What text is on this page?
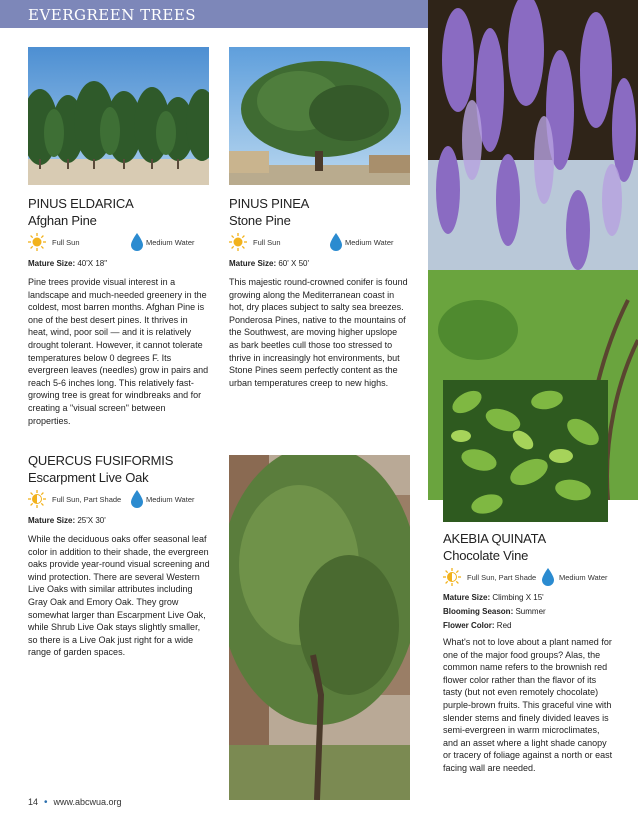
EVERGREEN TREES
PINUS ELDARICA
Afghan Pine
Full Sun	Medium Water
Mature Size: 40'X 18"
Pine trees provide visual interest in a landscape and much-needed greenery in the coldest, most barren months. Afghan Pine is one of the best desert pines. It thrives in heat, wind, poor soil — and it is relatively drought tolerant. However, it cannot tolerate temperatures below 0 degrees F. Its evergreen leaves (needles) grow in pairs and reach 5-6 inches long. This relatively fast-growing tree is great for windbreaks and for creating a "visual screen" between properties.
PINUS PINEA
Stone Pine
Full Sun	Medium Water
Mature Size: 60' X 50'
This majestic round-crowned conifer is found growing along the Mediterranean coast in hot, dry places subject to salty sea breezes. Ponderosa Pines, native to the mountains of the Southwest, are moving higher upslope as bark beetles cull those too stressed to thrive in increasingly hot environments, but Stone Pines seem perfectly content as the urban temperatures creep to new highs.
QUERCUS FUSIFORMIS
Escarpment Live Oak
Full Sun, Part Shade	Medium Water
Mature Size: 25'X 30'
While the deciduous oaks offer seasonal leaf color in addition to their shade, the evergreen oaks provide year-round visual screening and wind protection. There are several Western Live Oaks with similar attributes including Gray Oak and Emory Oak. They grow somewhat larger than Escarpment Live Oak, while Shrub Live Oak stays slightly smaller, so there is a Live Oak just right for a wide range of garden spaces.
AKEBIA QUINATA
Chocolate Vine
Full Sun, Part Shade	Medium Water
Mature Size: Climbing X 15'
Blooming Season: Summer
Flower Color: Red
What's not to love about a plant named for one of the major food groups? Alas, the common name refers to the brownish red flower color rather than the flavor of its tasty (but not even remotely chocolate) purple-brown fruits. This graceful vine with slender stems and finely divided leaves is semi-evergreen in warm microclimates, and an asset where a light shade canopy or tracery of foliage against a north or east facing wall are needed.
14 • www.abcwua.org
